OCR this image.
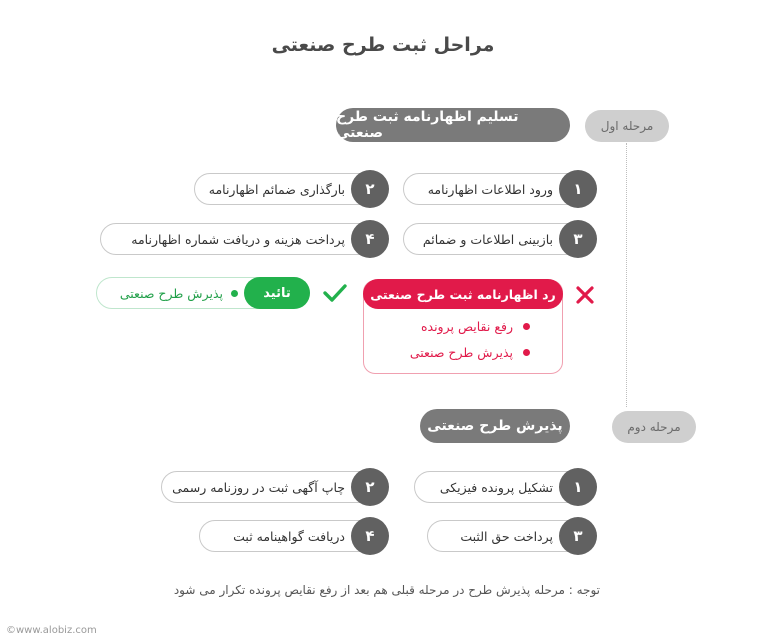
مراحل ثبت طرح صنعتی
مرحله اول
تسلیم اظهارنامه ثبت طرح صنعتی
۱
ورود اطلاعات اظهارنامه
۲
بارگذاری ضمائم اظهارنامه
۳
بازبینی اطلاعات و ضمائم
۴
پرداخت هزینه و دریافت شماره اظهارنامه
رد اظهارنامه ثبت طرح صنعتی
رفع نقایص پرونده
پذیرش طرح صنعتی
تائید
پذیرش طرح صنعتی
مرحله دوم
پذیرش طرح صنعتی
۱
تشکیل پرونده فیزیکی
۲
چاپ آگهی ثبت در روزنامه رسمی
۳
پرداخت حق الثبت
۴
دریافت گواهینامه ثبت
توجه : مرحله پذیرش طرح در مرحله قبلی هم بعد از رفع نقایص پرونده تکرار می شود
©www.alobiz.com
